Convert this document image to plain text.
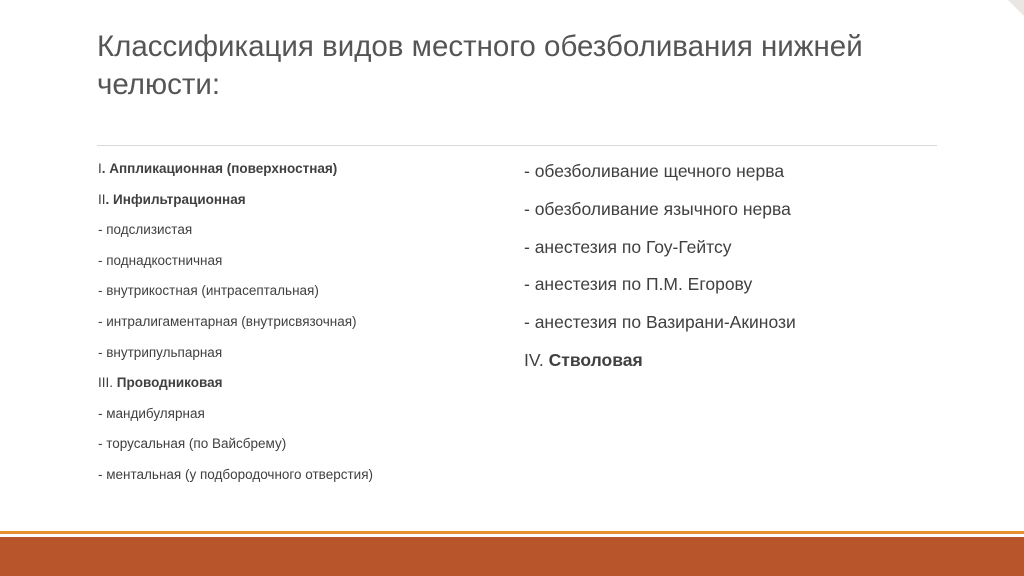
Классификация видов местного обезболивания нижней челюсти:
I. Аппликационная (поверхностная)
II. Инфильтрационная
- подслизистая
- поднадкостничная
- внутрикостная (интрасептальная)
- интралигаментарная (внутрисвязочная)
- внутрипульпарная
III. Проводниковая
- мандибулярная
- торусальная (по Вайсбрему)
- ментальная (у подбородочного отверстия)
- обезболивание щечного нерва
- обезболивание язычного нерва
- анестезия по Гоу-Гейтсу
- анестезия по П.М. Егорову
- анестезия по Вазирани-Акинози
IV. Стволовая
